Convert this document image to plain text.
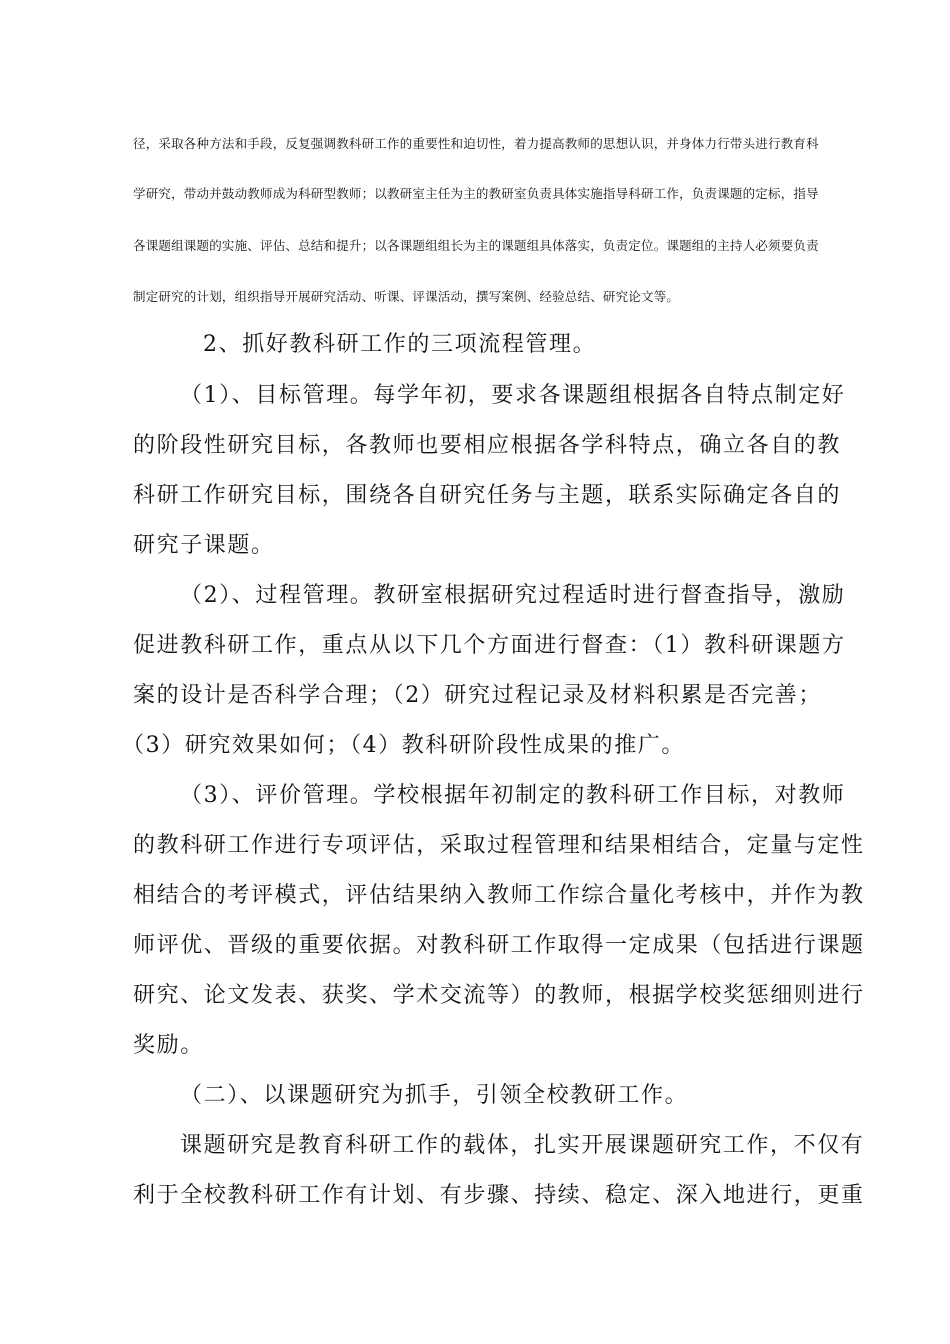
径，采取各种方法和手段，反复强调教科研工作的重要性和迫切性，着力提高教师的思想认识，并身体力行带头进行教育科

学研究，带动并鼓动教师成为科研型教师；以教研室主任为主的教研室负责具体实施指导科研工作，负责课题的定标，指导

各课题组课题的实施、评估、总结和提升；以各课题组组长为主的课题组具体落实，负责定位。课题组的主持人必须要负责

制定研究的计划，组织指导开展研究活动、听课、评课活动，撰写案例、经验总结、研究论文等。

2、抓好教科研工作的三项流程管理。

（1）、目标管理。每学年初，要求各课题组根据各自特点制定好

的阶段性研究目标，各教师也要相应根据各学科特点，确立各自的教

科研工作研究目标，围绕各自研究任务与主题，联系实际确定各自的

研究子课题。

（2）、过程管理。教研室根据研究过程适时进行督查指导，激励

促进教科研工作，重点从以下几个方面进行督查：（1）教科研课题方

案的设计是否科学合理；（2）研究过程记录及材料积累是否完善；

（3）研究效果如何；（4）教科研阶段性成果的推广。

（3）、评价管理。学校根据年初制定的教科研工作目标，对教师

的教科研工作进行专项评估，采取过程管理和结果相结合，定量与定性

相结合的考评模式，评估结果纳入教师工作综合量化考核中，并作为教

师评优、晋级的重要依据。对教科研工作取得一定成果（包括进行课题

研究、论文发表、获奖、学术交流等）的教师，根据学校奖惩细则进行

奖励。

（二）、以课题研究为抓手，引领全校教研工作。

课题研究是教育科研工作的载体，扎实开展课题研究工作，不仅有

利于全校教科研工作有计划、有步骤、持续、稳定、深入地进行，更重
